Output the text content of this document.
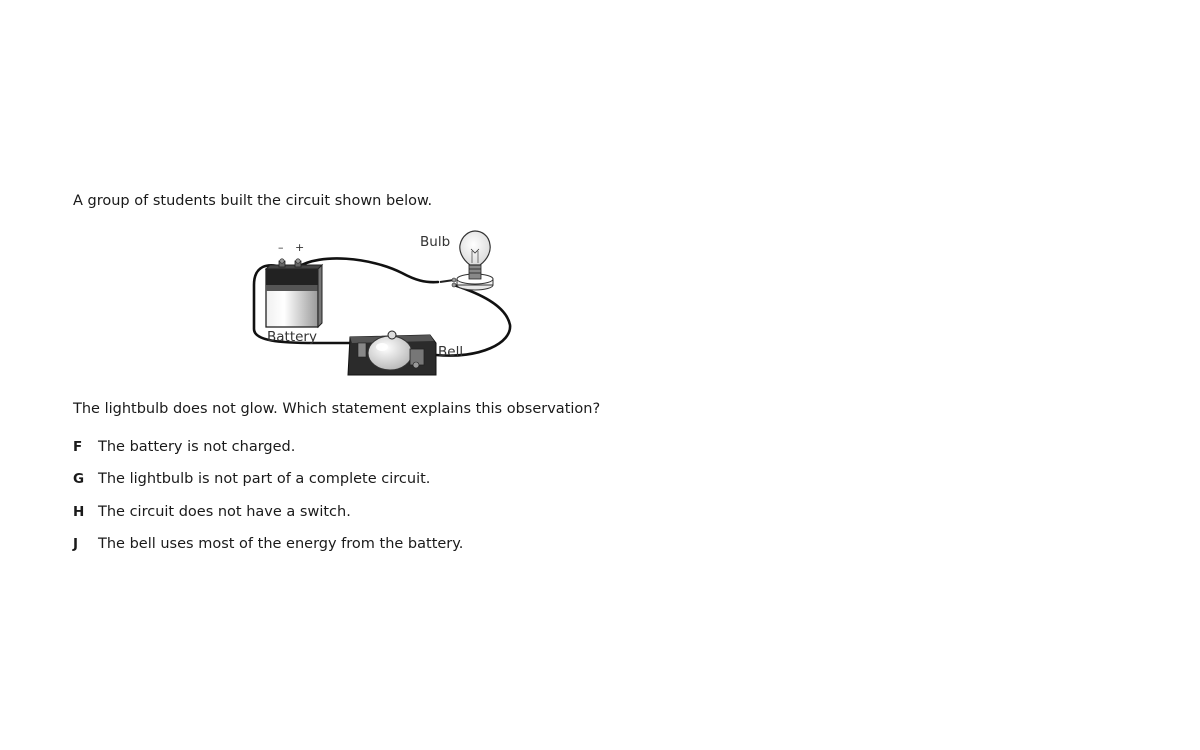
A group of students built the circuit shown below.

– +	Bulb
Battery
Bell

The lightbulb does not glow. Which statement explains this observation?

F	The battery is not charged.
G The lightbulb is not part of a complete circuit.
H The circuit does not have a switch.
J	The bell uses most of the energy from the battery.
